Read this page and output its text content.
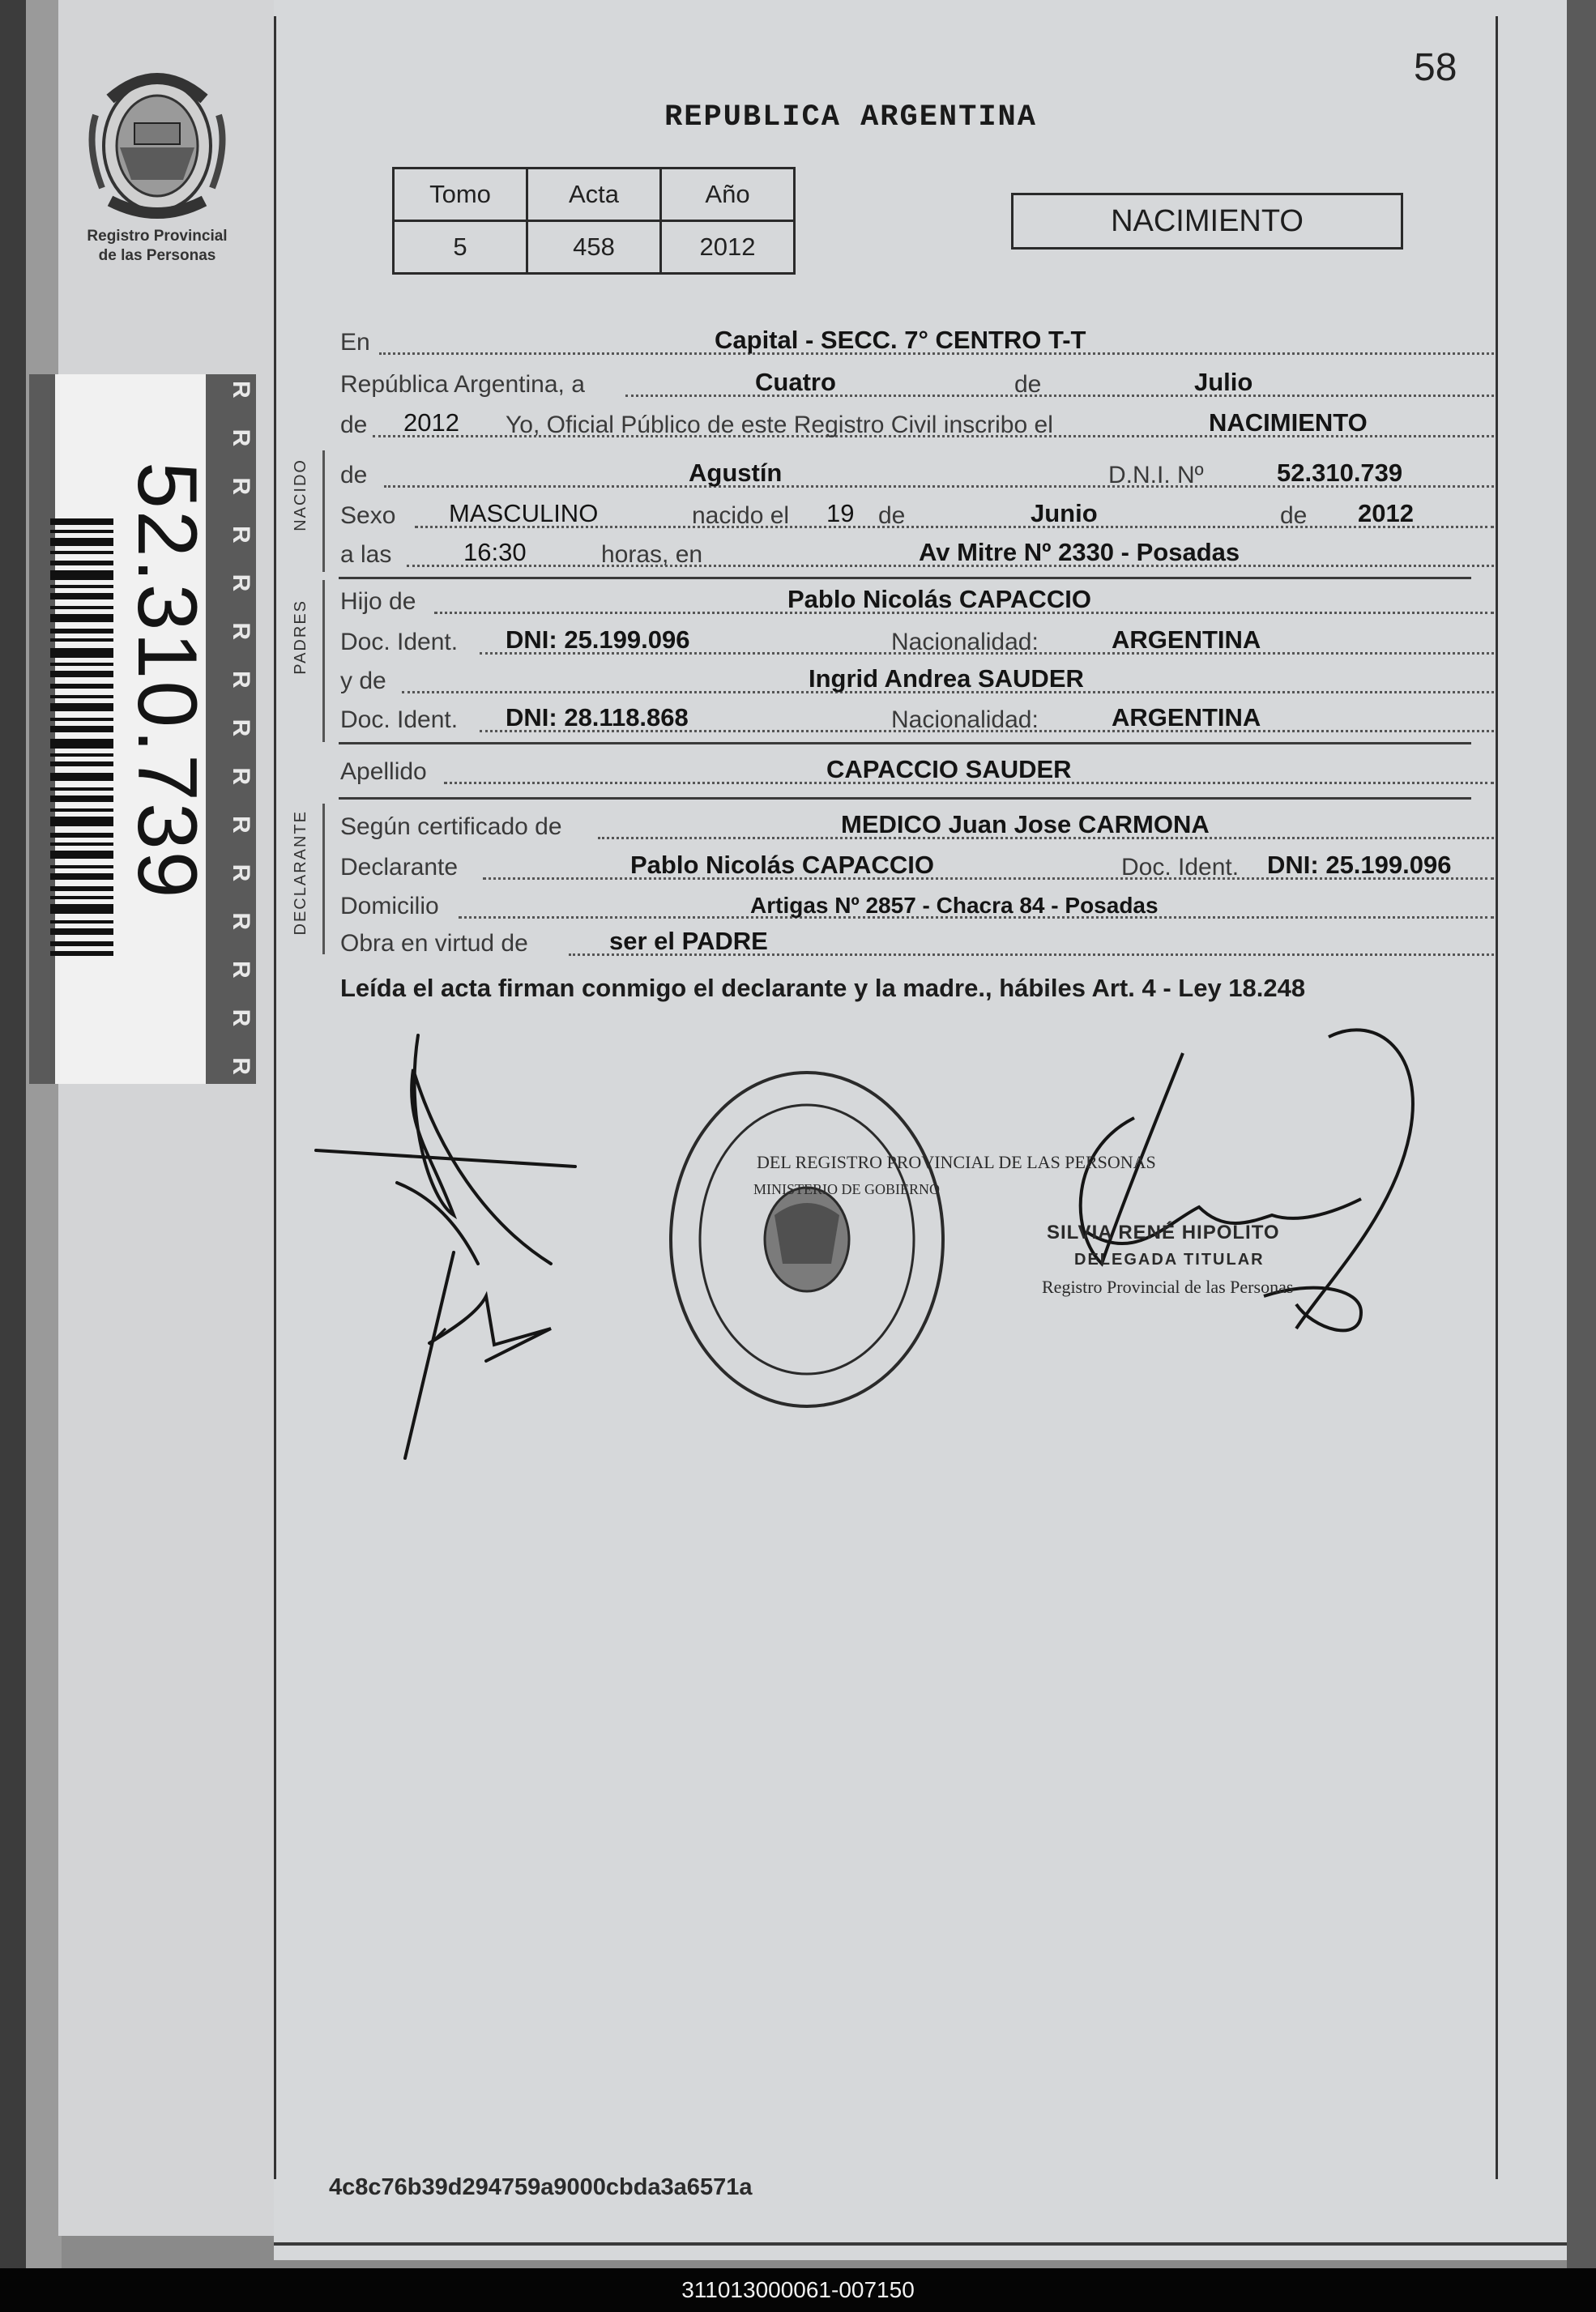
Registro Provincial
de las Personas
RRRRRRRRRRRRRRR
52.310.739
58
REPUBLICA ARGENTINA
Tomo	Acta	Año
5	458	2012
NACIMIENTO
NACIDO
PADRES
DECLARANTE
En	Capital - SECC. 7° CENTRO T-T
República Argentina, a	Cuatro	de	Julio
de 2012 Yo, Oficial Público de este Registro Civil inscribo el	NACIMIENTO
de	Agustín	D.N.I. Nº	52.310.739
Sexo MASCULINO	nacido el 19 de	Junio	de 2012
a las	16:30	horas, en	Av Mitre Nº 2330 - Posadas
Hijo de	Pablo Nicolás CAPACCIO
Doc. Ident. DNI: 25.199.096	Nacionalidad:	ARGENTINA
y de	Ingrid Andrea SAUDER
Doc. Ident. DNI: 28.118.868	Nacionalidad:	ARGENTINA
Apellido	CAPACCIO SAUDER
Según certificado de	MEDICO Juan Jose CARMONA
Declarante	Pablo Nicolás CAPACCIO	Doc. Ident. DNI: 25.199.096
Domicilio	Artigas Nº 2857 - Chacra 84 - Posadas
Obra en virtud de	ser el PADRE
Leída el acta firman conmigo el declarante y la madre., hábiles Art. 4 - Ley 18.248
DEL REGISTRO PROVINCIAL DE LAS PERSONAS
MINISTERIO DE GOBIERNO
SILVIA RENÉ HIPOLITO
DELEGADA TITULAR
Registro Provincial de las Personas
4c8c76b39d294759a9000cbda3a6571a
311013000061-007150
